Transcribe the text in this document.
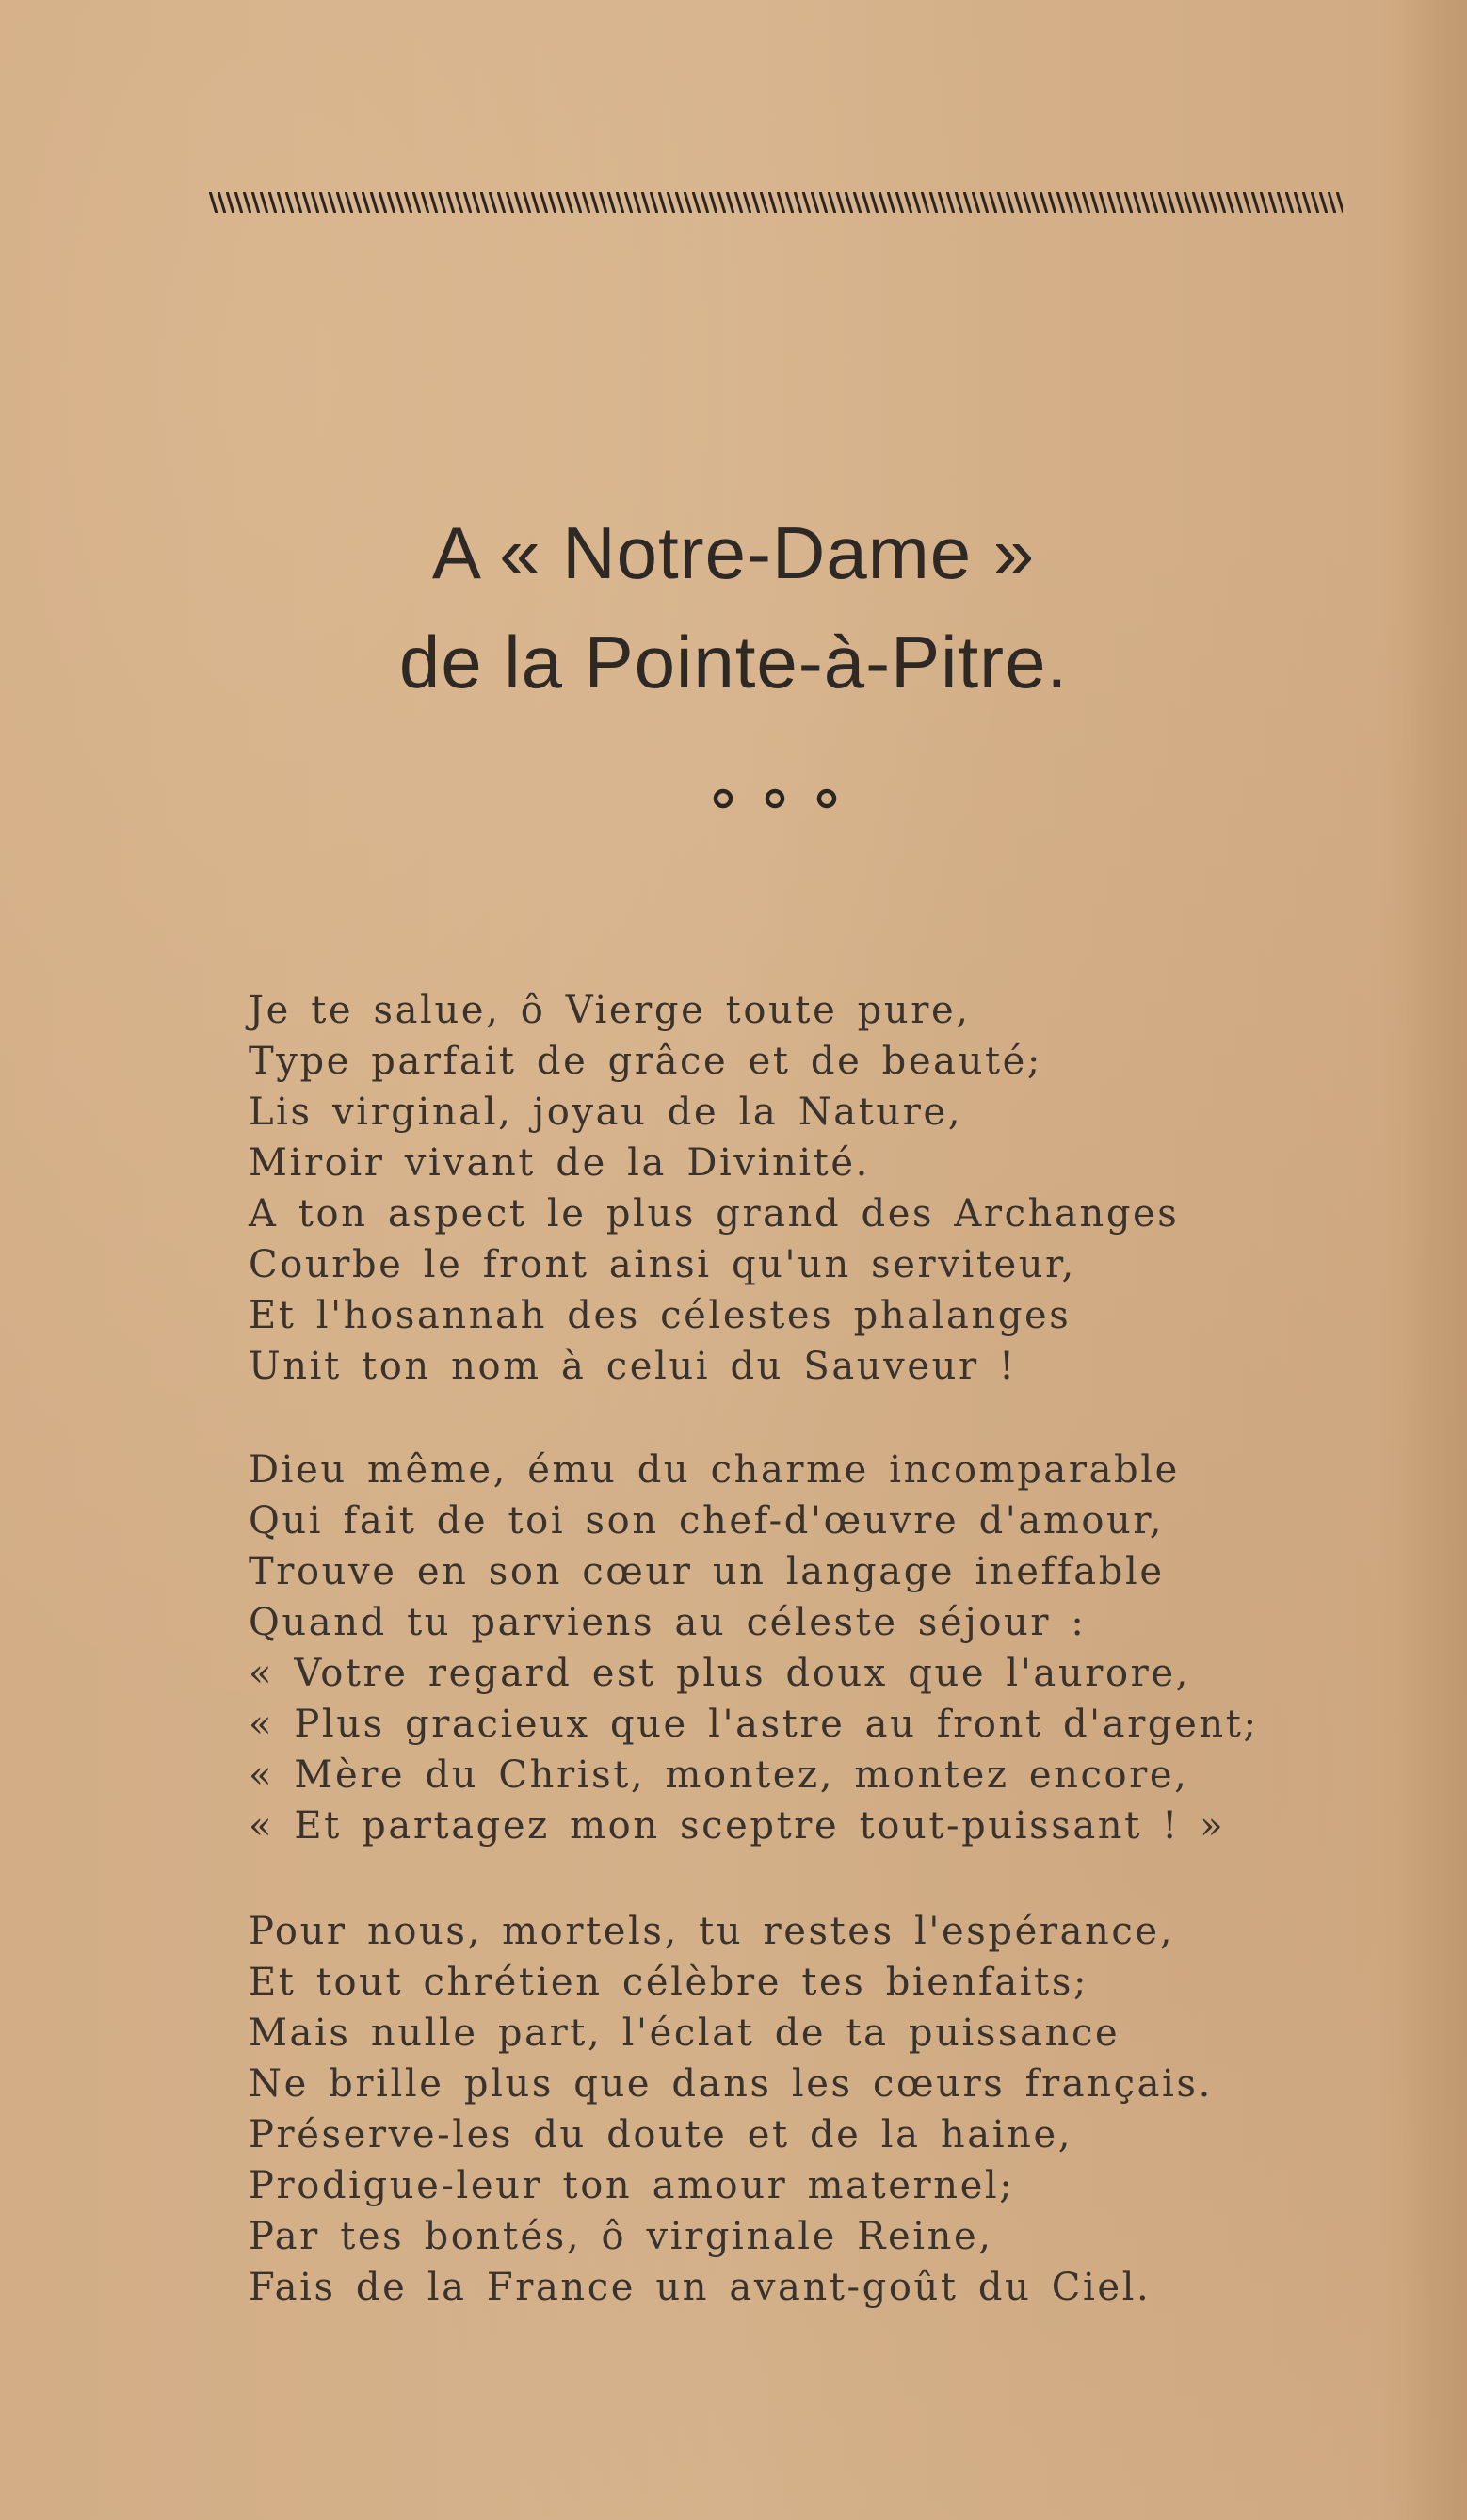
A « Notre-Dame »
de la Pointe-à-Pitre.
Je te salue, ô Vierge toute pure,
Type parfait de grâce et de beauté;
Lis virginal, joyau de la Nature,
Miroir vivant de la Divinité.
A ton aspect le plus grand des Archanges
Courbe le front ainsi qu'un serviteur,
Et l'hosannah des célestes phalanges
Unit ton nom à celui du Sauveur !
Dieu même, ému du charme incomparable
Qui fait de toi son chef-d'œuvre d'amour,
Trouve en son cœur un langage ineffable
Quand tu parviens au céleste séjour :
« Votre regard est plus doux que l'aurore,
« Plus gracieux que l'astre au front d'argent;
« Mère du Christ, montez, montez encore,
« Et partagez mon sceptre tout-puissant ! »
Pour nous, mortels, tu restes l'espérance,
Et tout chrétien célèbre tes bienfaits;
Mais nulle part, l'éclat de ta puissance
Ne brille plus que dans les cœurs français.
Préserve-les du doute et de la haine,
Prodigue-leur ton amour maternel;
Par tes bontés, ô virginale Reine,
Fais de la France un avant-goût du Ciel.
